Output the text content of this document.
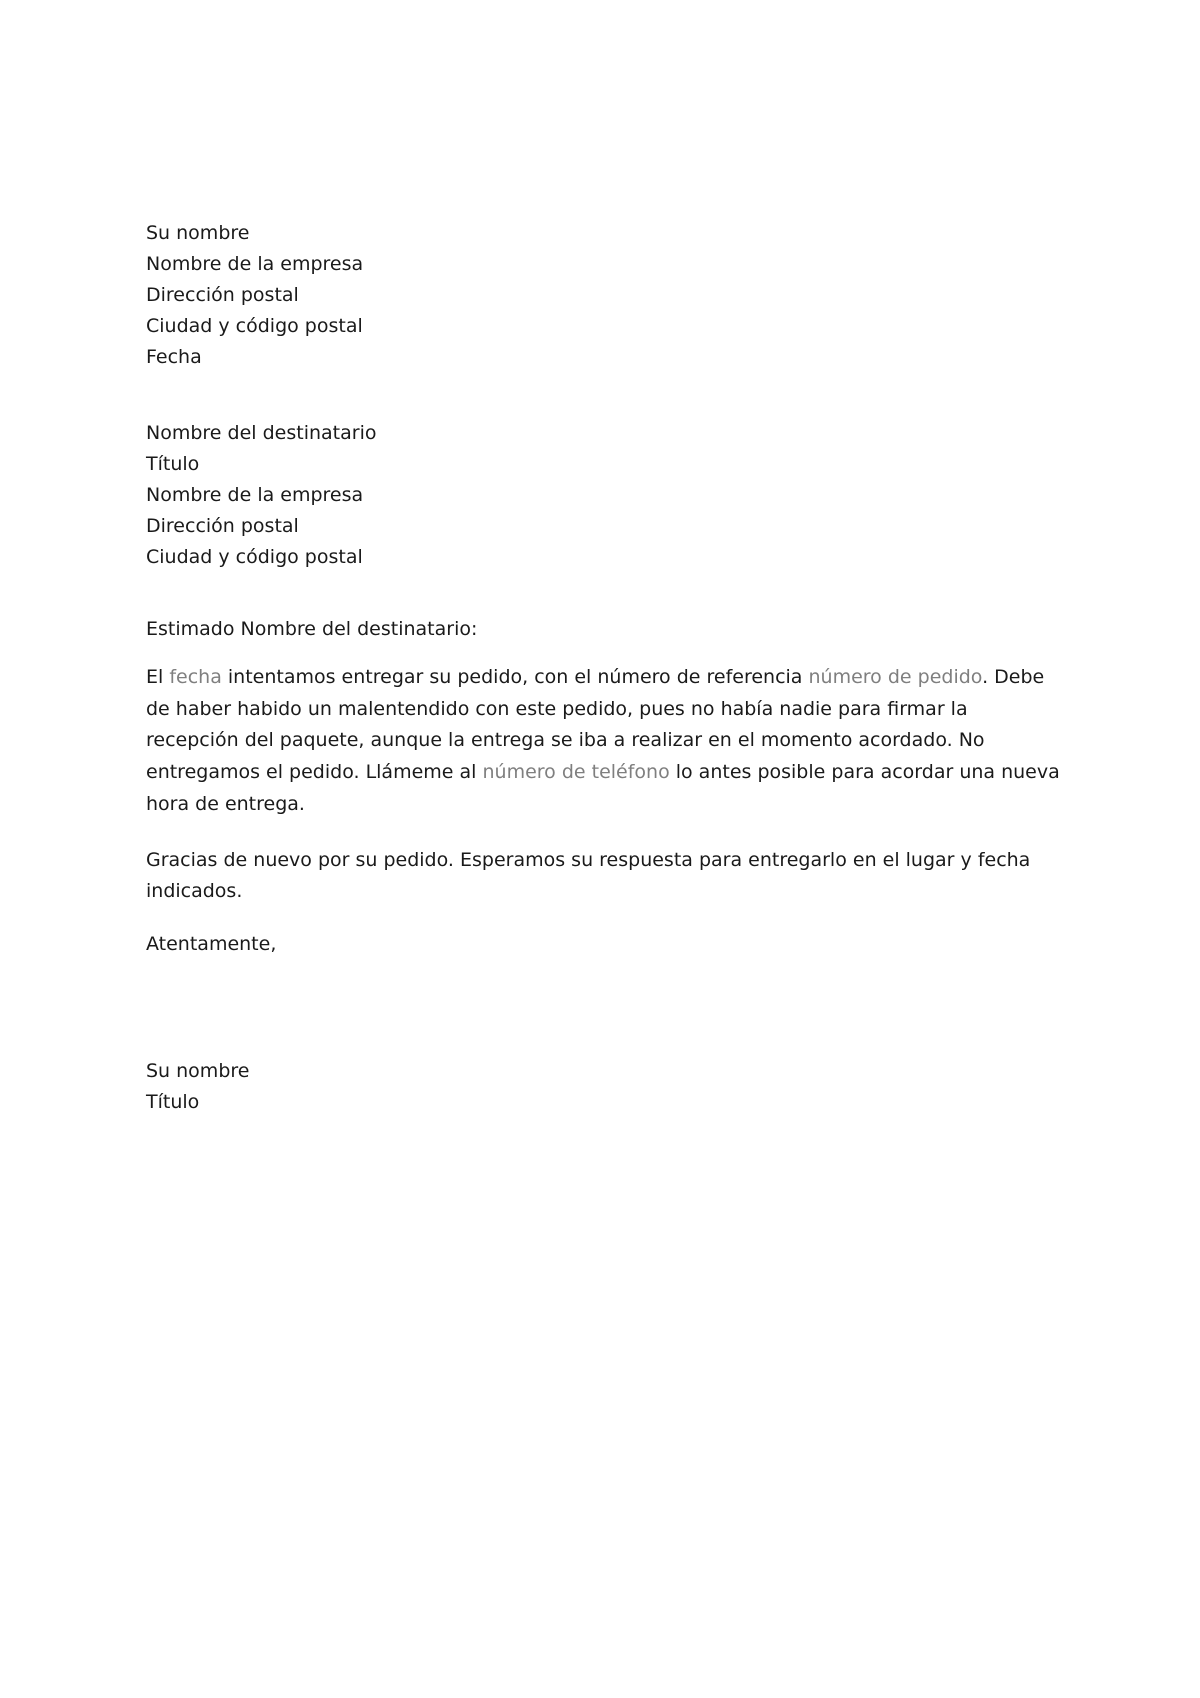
Su nombre
Nombre de la empresa
Dirección postal
Ciudad y código postal
Fecha
Nombre del destinatario
Título
Nombre de la empresa
Dirección postal
Ciudad y código postal
Estimado Nombre del destinatario:

El fecha intentamos entregar su pedido, con el número de referencia número de pedido. Debe de haber habido un malentendido con este pedido, pues no había nadie para firmar la recepción del paquete, aunque la entrega se iba a realizar en el momento acordado. No entregamos el pedido. Llámeme al número de teléfono lo antes posible para acordar una nueva hora de entrega.

Gracias de nuevo por su pedido. Esperamos su respuesta para entregarlo en el lugar y fecha indicados.

Atentamente,
Su nombre
Título
